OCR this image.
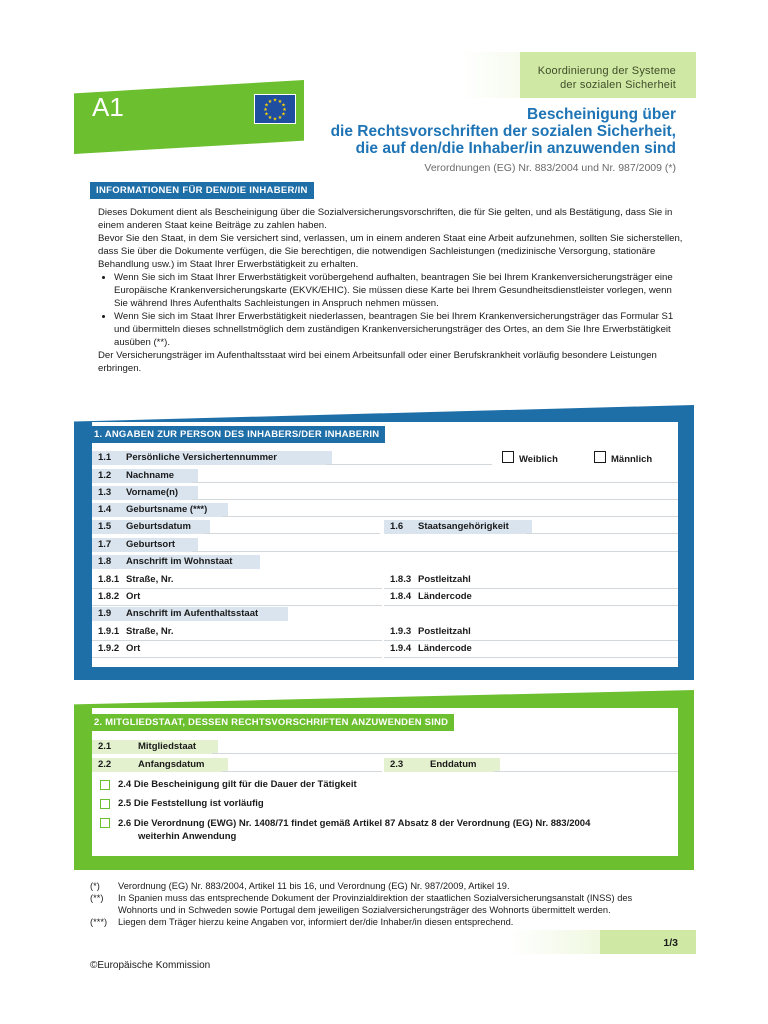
Koordinierung der Systeme
der sozialen Sicherheit
A1	★ ★
★
★
★
★
★
★
★
★
★
★
Bescheinigung über
die Rechtsvorschriften der sozialen Sicherheit,
die auf den/die Inhaber/in anzuwenden sind
Verordnungen (EG) Nr. 883/2004 und Nr. 987/2009 (*)
INFORMATIONEN FÜR DEN/DIE INHABER/IN

Dieses Dokument dient als Bescheinigung über die Sozialversicherungsvorschriften, die für Sie gelten, und als Bestätigung, dass Sie in einem anderen Staat keine Beiträge zu zahlen haben.

Bevor Sie den Staat, in dem Sie versichert sind, verlassen, um in einem anderen Staat eine Arbeit aufzunehmen, sollten Sie sicherstellen, dass Sie über die Dokumente verfügen, die Sie berechtigen, die notwendigen Sachleistungen (medizinische Versorgung, stationäre Behandlung usw.) im Staat Ihrer Erwerbstätigkeit zu erhalten.

• Wenn Sie sich im Staat Ihrer Erwerbstätigkeit vorübergehend aufhalten, beantragen Sie bei Ihrem Krankenversicherungsträger eine Europäische Krankenversicherungskarte (EKVK/EHIC). Sie müssen diese Karte bei Ihrem Gesundheitsdienstleister vorlegen, wenn Sie während Ihres Aufenthalts Sachleistungen in Anspruch nehmen müssen.
• Wenn Sie sich im Staat Ihrer Erwerbstätigkeit niederlassen, beantragen Sie bei Ihrem Krankenversicherungsträger das Formular S1 und übermitteln dieses schnellstmöglich dem zuständigen Krankenversicherungsträger des Ortes, an dem Sie Ihre Erwerbstätigkeit ausüben (**).

Der Versicherungsträger im Aufenthaltsstaat wird bei einem Arbeitsunfall oder einer Berufskrankheit vorläufig besondere Leistungen erbringen.

1. ANGABEN ZUR PERSON DES INHABERS/DER INHABERIN
1.1 Persönliche Versichertennummer	Weiblich	Männlich
1.2 Nachname
1.3 Vorname(n)
1.4 Geburtsname (***)
1.5 Geburtsdatum	1.6 Staatsangehörigkeit
1.7 Geburtsort
1.8 Anschrift im Wohnstaat
1.8.1 Straße, Nr.	1.8.3 Postleitzahl
1.8.2 Ort	1.8.4 Ländercode
1.9 Anschrift im Aufenthaltsstaat
1.9.1 Straße, Nr.	1.9.3 Postleitzahl
1.9.2 Ort	1.9.4 Ländercode
2. MITGLIEDSTAAT, DESSEN RECHTSVORSCHRIFTEN ANZUWENDEN SIND
2.1	Mitgliedstaat
2.2	Anfangsdatum	2.3	Enddatum
2.4 Die Bescheinigung gilt für die Dauer der Tätigkeit
2.5 Die Feststellung ist vorläufig
2.6 Die Verordnung (EWG) Nr. 1408/71 findet gemäß Artikel 87 Absatz 8 der Verordnung (EG) Nr. 883/2004
weiterhin Anwendung
(*) Verordnung (EG) Nr. 883/2004, Artikel 11 bis 16, und Verordnung (EG) Nr. 987/2009, Artikel 19.
(**) In Spanien muss das entsprechende Dokument der Provinzialdirektion der staatlichen Sozialversicherungsanstalt (INSS) des
Wohnorts und in Schweden sowie Portugal dem jeweiligen Sozialversicherungsträger des Wohnorts übermittelt werden.
(***) Liegen dem Träger hierzu keine Angaben vor, informiert der/die Inhaber/in diesen entsprechend.
1/3
©Europäische Kommission
